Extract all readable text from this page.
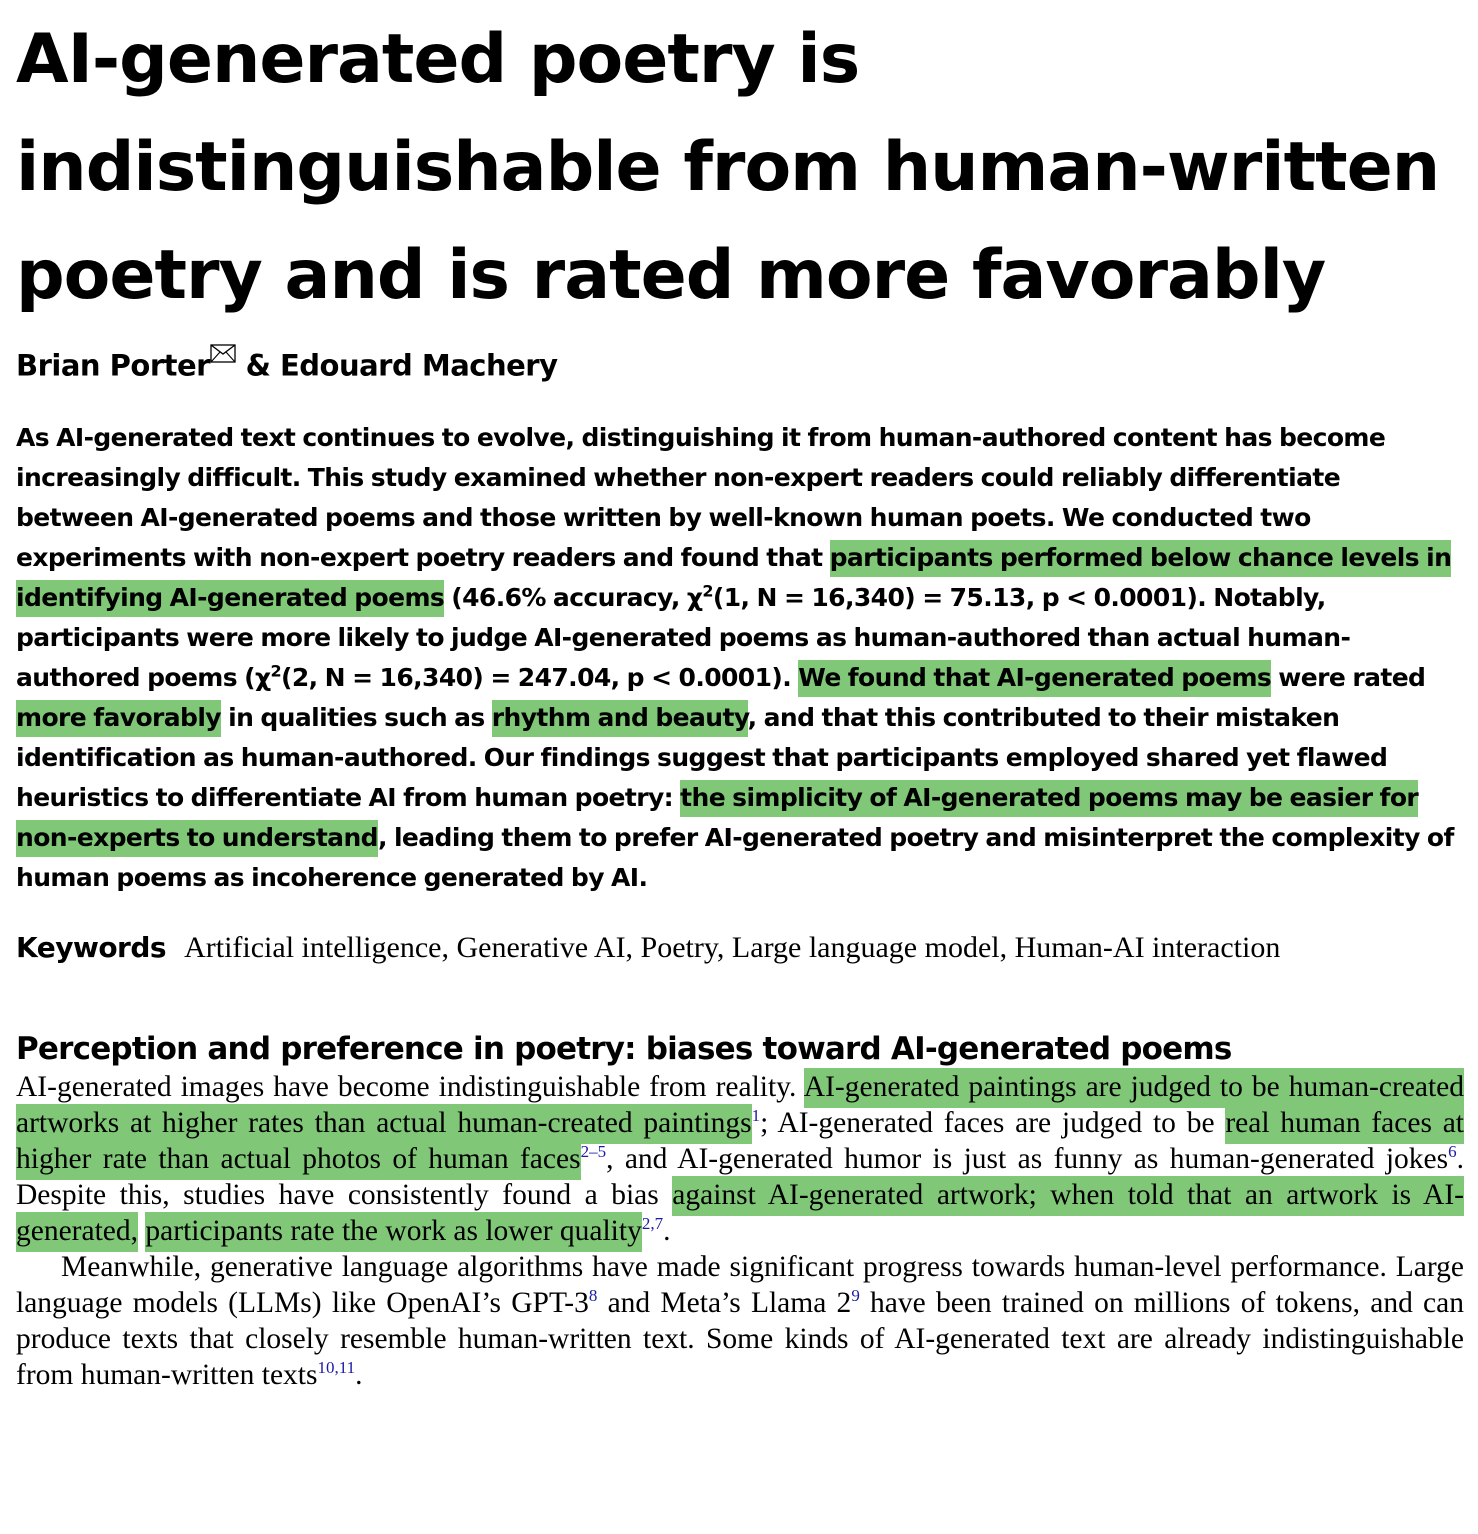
AI-generated poetry is indistinguishable from human-written poetry and is rated more favorably
Brian Porter & Edouard Machery
As AI-generated text continues to evolve, distinguishing it from human-authored content has become increasingly difficult. This study examined whether non-expert readers could reliably differentiate between AI-generated poems and those written by well-known human poets. We conducted two experiments with non-expert poetry readers and found that participants performed below chance levels in identifying AI-generated poems (46.6% accuracy, $\chi^2(1$, N = 16,340) = 75.13, p < 0.0001). Notably, participants were more likely to judge AI-generated poems as human-authored than actual human-authored poems ($\chi^2(2$, N = 16,340) = 247.04, p < 0.0001). We found that AI-generated poems were rated more favorably in qualities such as rhythm and beauty, and that this contributed to their mistaken identification as human-authored. Our findings suggest that participants employed shared yet flawed heuristics to differentiate AI from human poetry: the simplicity of AI-generated poems may be easier for non-experts to understand, leading them to prefer AI-generated poetry and misinterpret the complexity of human poems as incoherence generated by AI.
Keywords Artificial intelligence, Generative AI, Poetry, Large language model, Human-AI interaction
Perception and preference in poetry: biases toward AI-generated poems

AI-generated images have become indistinguishable from reality. AI-generated paintings are judged to be human-created artworks at higher rates than actual human-created paintings$^1$; AI-generated faces are judged to be real human faces at higher rate than actual photos of human faces$^{2-5}$, and AI-generated humor is just as funny as human-generated jokes$^6$. Despite this, studies have consistently found a bias against AI-generated artwork; when told that an artwork is AI-generated, participants rate the work as lower quality$^{2,7}$.

Meanwhile, generative language algorithms have made significant progress towards human-level performance. Large language models (LLMs) like OpenAI’s GPT-$3^8$ and Meta’s Llama $2^9$ have been trained on millions of tokens, and can produce texts that closely resemble human-written text. Some kinds of AI-generated text are already indistinguishable from human-written texts$^{10,11}$.
